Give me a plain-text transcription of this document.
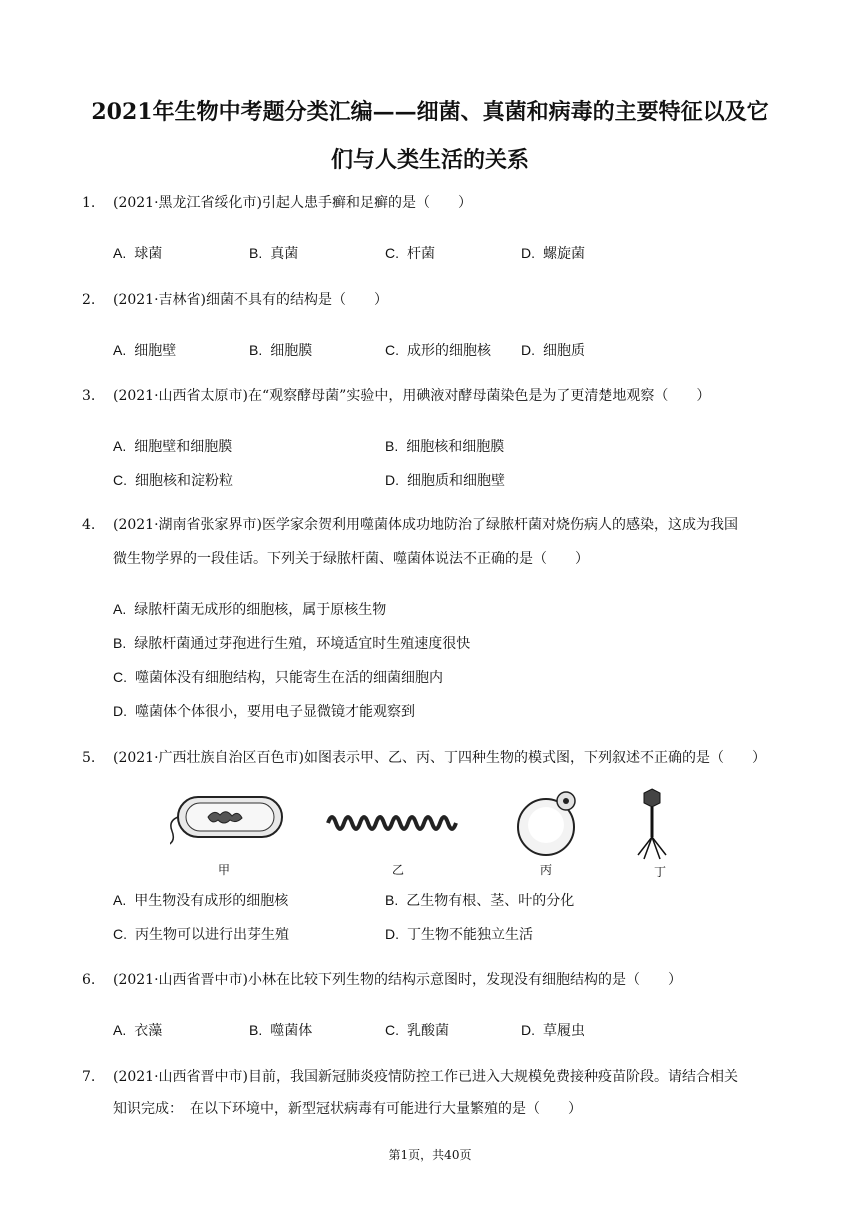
2021年生物中考题分类汇编——细菌、真菌和病毒的主要特征以及它
们与人类生活的关系
1. (2021·黑龙江省绥化市)引起人患手癣和足癣的是（　　）
A. 球菌	B. 真菌	C. 杆菌	D. 螺旋菌
2. (2021·吉林省)细菌不具有的结构是（　　）
A. 细胞壁	B. 细胞膜	C. 成形的细胞核 D. 细胞质
3. (2021·山西省太原市)在“观察酵母菌”实验中，用碘液对酵母菌染色是为了更清楚地观察（　　）
A. 细胞壁和细胞膜	B. 细胞核和细胞膜
C. 细胞核和淀粉粒	D. 细胞质和细胞壁
4. (2021·湖南省张家界市)医学家余贺利用噬菌体成功地防治了绿脓杆菌对烧伤病人的感染，这成为我国
微生物学界的一段佳话。下列关于绿脓杆菌、噬菌体说法不正确的是（　　）
A. 绿脓杆菌无成形的细胞核，属于原核生物
B. 绿脓杆菌通过芽孢进行生殖，环境适宜时生殖速度很快
C. 噬菌体没有细胞结构，只能寄生在活的细菌细胞内
D. 噬菌体个体很小，要用电子显微镜才能观察到
5. (2021·广西壮族自治区百色市)如图表示甲、乙、丙、丁四种生物的模式图，下列叙述不正确的是（　　）
甲	乙	丙	丁
A. 甲生物没有成形的细胞核	B. 乙生物有根、茎、叶的分化
C. 丙生物可以进行出芽生殖	D. 丁生物不能独立生活
6. (2021·山西省晋中市)小林在比较下列生物的结构示意图时，发现没有细胞结构的是（　　）
A. 衣藻	B. 噬菌体	C. 乳酸菌	D. 草履虫
7. (2021·山西省晋中市)目前，我国新冠肺炎疫情防控工作已进入大规模免费接种疫苗阶段。请结合相关
知识完成：　在以下环境中，新型冠状病毒有可能进行大量繁殖的是（　　）
第1页，共40页
